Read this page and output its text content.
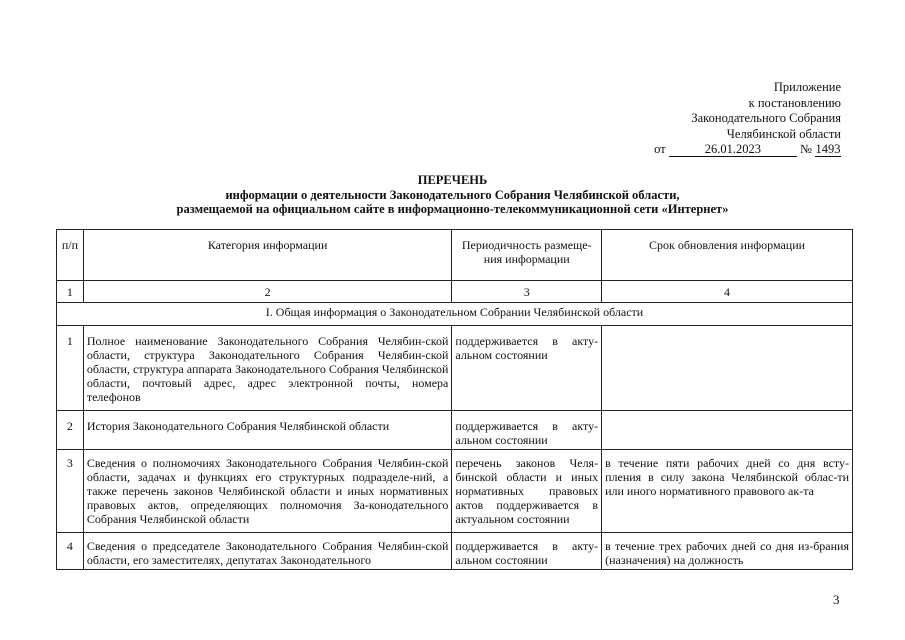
Приложение
к постановлению
Законодательного Собрания
Челябинской области
от	26.01.2023	№ 1493
ПЕРЕЧЕНЬ
информации о деятельности Законодательного Собрания Челябинской области,
размещаемой на официальном сайте в информационно-телекоммуникационной сети «Интернет»
п/п	Категория информации	Периодичность размеще-ния информации	Срок обновления информации
1	2	3	4
I. Общая информация о Законодательном Собрании Челябинской области			
1	Полное наименование Законодательного Собрания Челябин-ской области, структура Законодательного Собрания Челябин-ской области, структура аппарата Законодательного Собрания Челябинской области, почтовый адрес, адрес электронной почты, номера телефонов	поддерживается в акту-альном состоянии	
2	История Законодательного Собрания Челябинской области	поддерживается в акту-альном состоянии	
3	Сведения о полномочиях Законодательного Собрания Челябин-ской области, задачах и функциях его структурных подразделе-ний, а также перечень законов Челябинской области и иных нормативных правовых актов, определяющих полномочия За-конодательного Собрания Челябинской области	перечень законов Челя-бинской области и иных нормативных правовых актов поддерживается в актуальном состоянии	в течение пяти рабочих дней со дня всту-пления в силу закона Челябинской облас-ти или иного нормативного правового ак-та
4	Сведения о председателе Законодательного Собрания Челябин-ской области, его заместителях, депутатах Законодательного	поддерживается в акту-альном состоянии	в течение трех рабочих дней со дня из-брания (назначения) на должность
3
